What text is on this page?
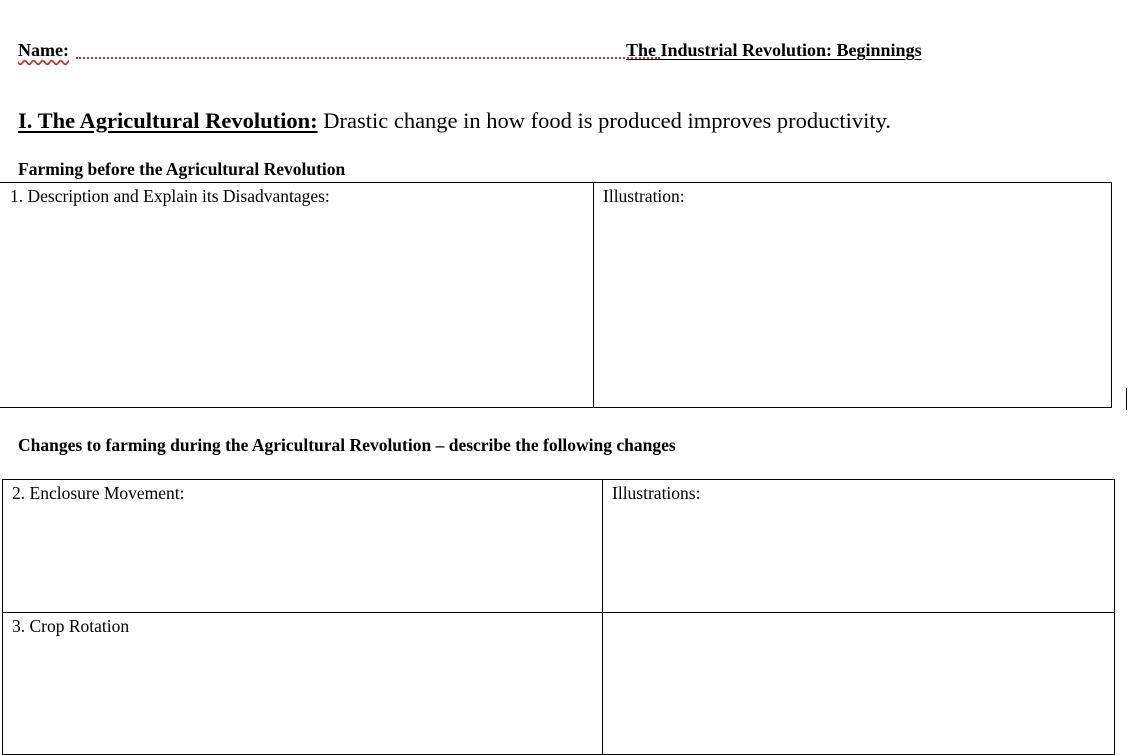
Name:	The Industrial Revolution: Beginnings
I. The Agricultural Revolution: Drastic change in how food is produced improves productivity.
Farming before the Agricultural Revolution
1. Description and Explain its Disadvantages:	Illustration:
Changes to farming during the Agricultural Revolution – describe the following changes
2. Enclosure Movement:	Illustrations:
3. Crop Rotation
